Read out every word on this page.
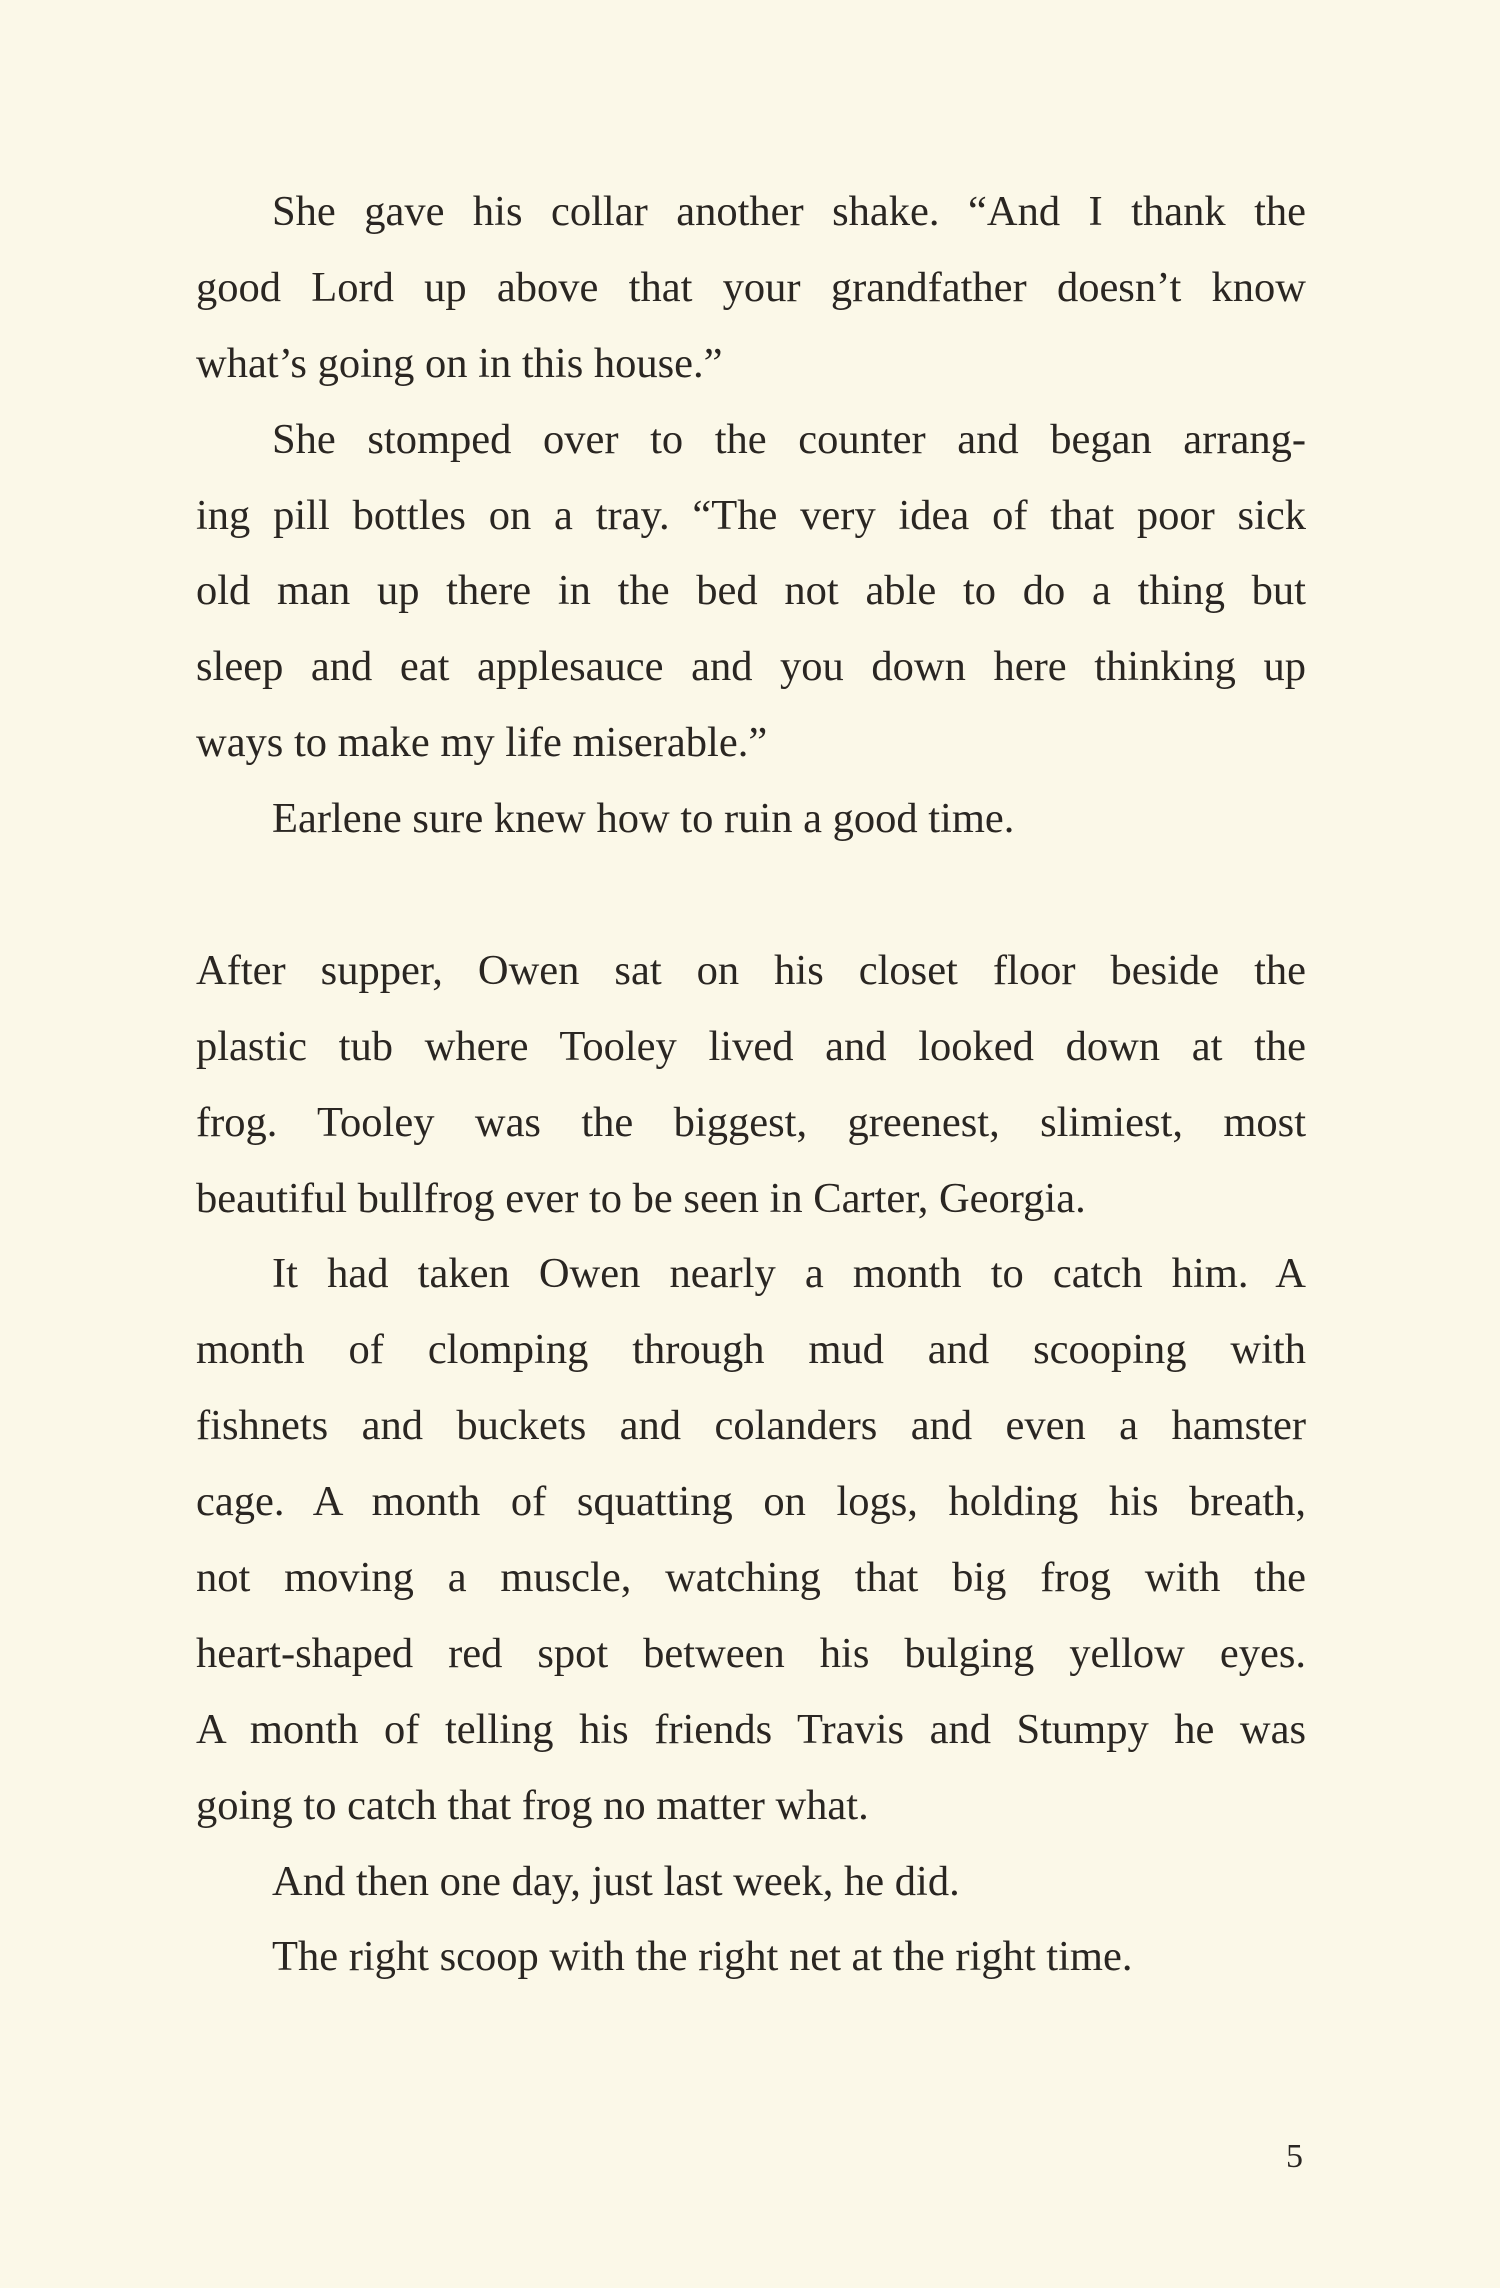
She gave his collar another shake. “And I thank the
good Lord up above that your grandfather doesn’t know
what’s going on in this house.”
She stomped over to the counter and began arrang-
ing pill bottles on a tray. “The very idea of that poor sick
old man up there in the bed not able to do a thing but
sleep and eat applesauce and you down here thinking up
ways to make my life miserable.”
Earlene sure knew how to ruin a good time.
After supper, Owen sat on his closet floor beside the
plastic tub where Tooley lived and looked down at the
frog. Tooley was the biggest, greenest, slimiest, most
beautiful bullfrog ever to be seen in Carter, Georgia.
It had taken Owen nearly a month to catch him. A
month of clomping through mud and scooping with
fishnets and buckets and colanders and even a hamster
cage. A month of squatting on logs, holding his breath,
not moving a muscle, watching that big frog with the
heart-shaped red spot between his bulging yellow eyes.
A month of telling his friends Travis and Stumpy he was
going to catch that frog no matter what.
And then one day, just last week, he did.
The right scoop with the right net at the right time.
5
